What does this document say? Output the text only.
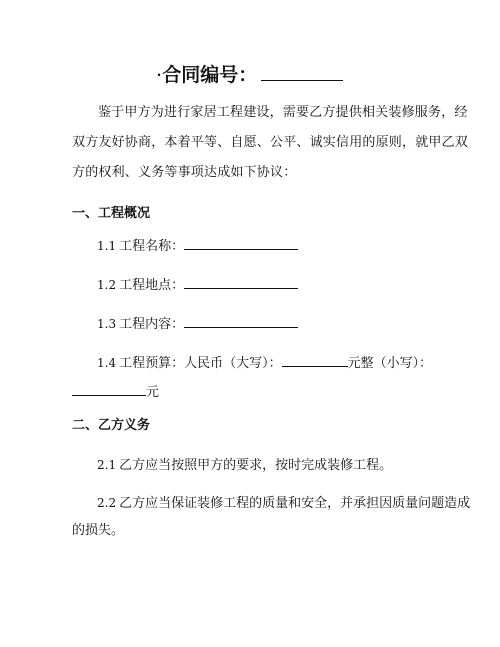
·合同编号：
鉴于甲方为进行家居工程建设，需要乙方提供相关装修服务，经
双方友好协商，本着平等、自愿、公平、诚实信用的原则，就甲乙双
方的权利、义务等事项达成如下协议：
一、工程概况
1.1 工程名称：
1.2 工程地点：
1.3 工程内容：
1.4 工程预算：人民币（大写）：	元整（小写）：
元
二、乙方义务
2.1 乙方应当按照甲方的要求，按时完成装修工程。
2.2 乙方应当保证装修工程的质量和安全，并承担因质量问题造成
的损失。
